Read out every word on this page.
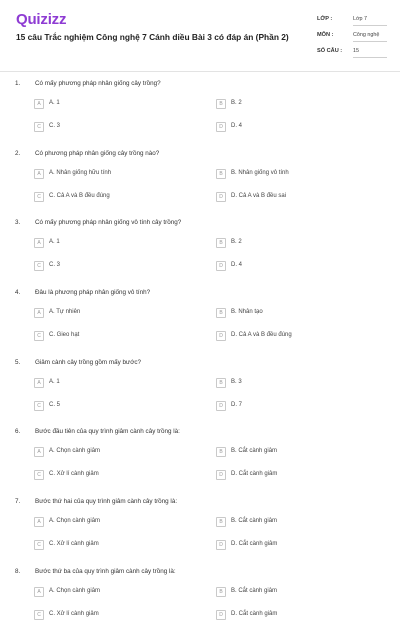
Quizizz
15 câu Trắc nghiệm Công nghệ 7 Cánh diều Bài 3 có đáp án (Phần 2)
LỚP :	Lớp 7
MÔN :	Công nghệ
SỐ CÂU : 15
1. Có mấy phương pháp nhân giống cây trồng?
A	A. 1	B	B. 2
C	C. 3	D	D. 4
2. Có phương pháp nhân giống cây trồng nào?
A	A. Nhân giống hữu tính	B	B. Nhân giống vô tính
C	C. Cả A và B đều đúng	D	D. Cả A và B đều sai
3. Có mấy phương pháp nhân giống vô tính cây trồng?
A	A. 1	B	B. 2
C	C. 3	D	D. 4
4. Đâu là phương pháp nhân giống vô tính?
A	A. Tự nhiên	B	B. Nhân tạo
C	C. Gieo hạt	D	D. Cả A và B đều đúng
5. Giâm cành cây trồng gồm mấy bước?
A	A. 1	B	B. 3
C	C. 5	D	D. 7
6. Bước đầu tiên của quy trình giâm cành cây trồng là:
A	A. Chọn cành giâm	B	B. Cắt cành giâm
C	C. Xử lí cành giâm	D	D. Cắt cành giâm
7. Bước thứ hai của quy trình giâm cành cây trồng là:
A	A. Chọn cành giâm	B	B. Cắt cành giâm
C	C. Xử lí cành giâm	D	D. Cắt cành giâm
8. Bước thứ ba của quy trình giâm cành cây trồng là:
A	A. Chọn cành giâm	B	B. Cắt cành giâm
C	C. Xử lí cành giâm	D	D. Cắt cành giâm
